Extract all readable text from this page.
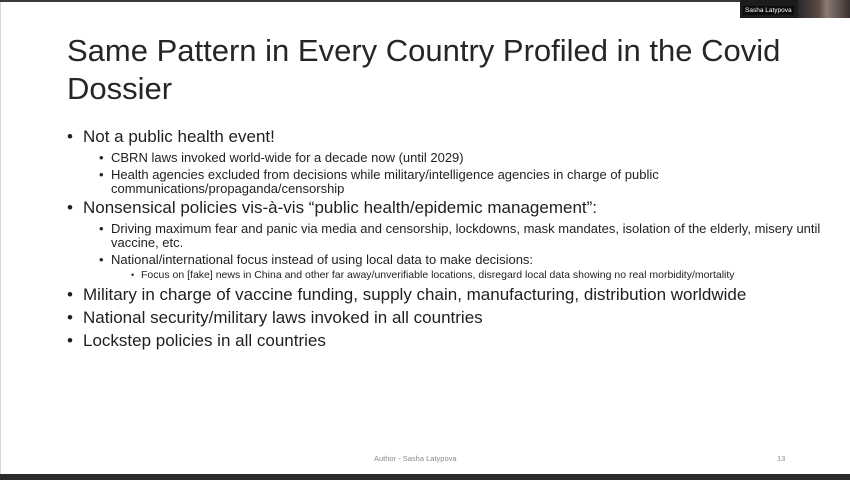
Same Pattern in Every Country Profiled in the Covid Dossier
• Not a public health event!
• CBRN laws invoked world-wide for a decade now (until 2029)
• Health agencies excluded from decisions while military/intelligence agencies in charge of public communications/propaganda/censorship
• Nonsensical policies vis-à-vis “public health/epidemic management”:
• Driving maximum fear and panic via media and censorship, lockdowns, mask mandates, isolation of the elderly, misery until vaccine, etc.
• National/international focus instead of using local data to make decisions:
• Focus on [fake] news in China and other far away/unverifiable locations, disregard local data showing no real morbidity/mortality
• Military in charge of vaccine funding, supply chain, manufacturing, distribution worldwide
• National security/military laws invoked in all countries
• Lockstep policies in all countries
Author - Sasha Latypova	13
Sasha Latypova
